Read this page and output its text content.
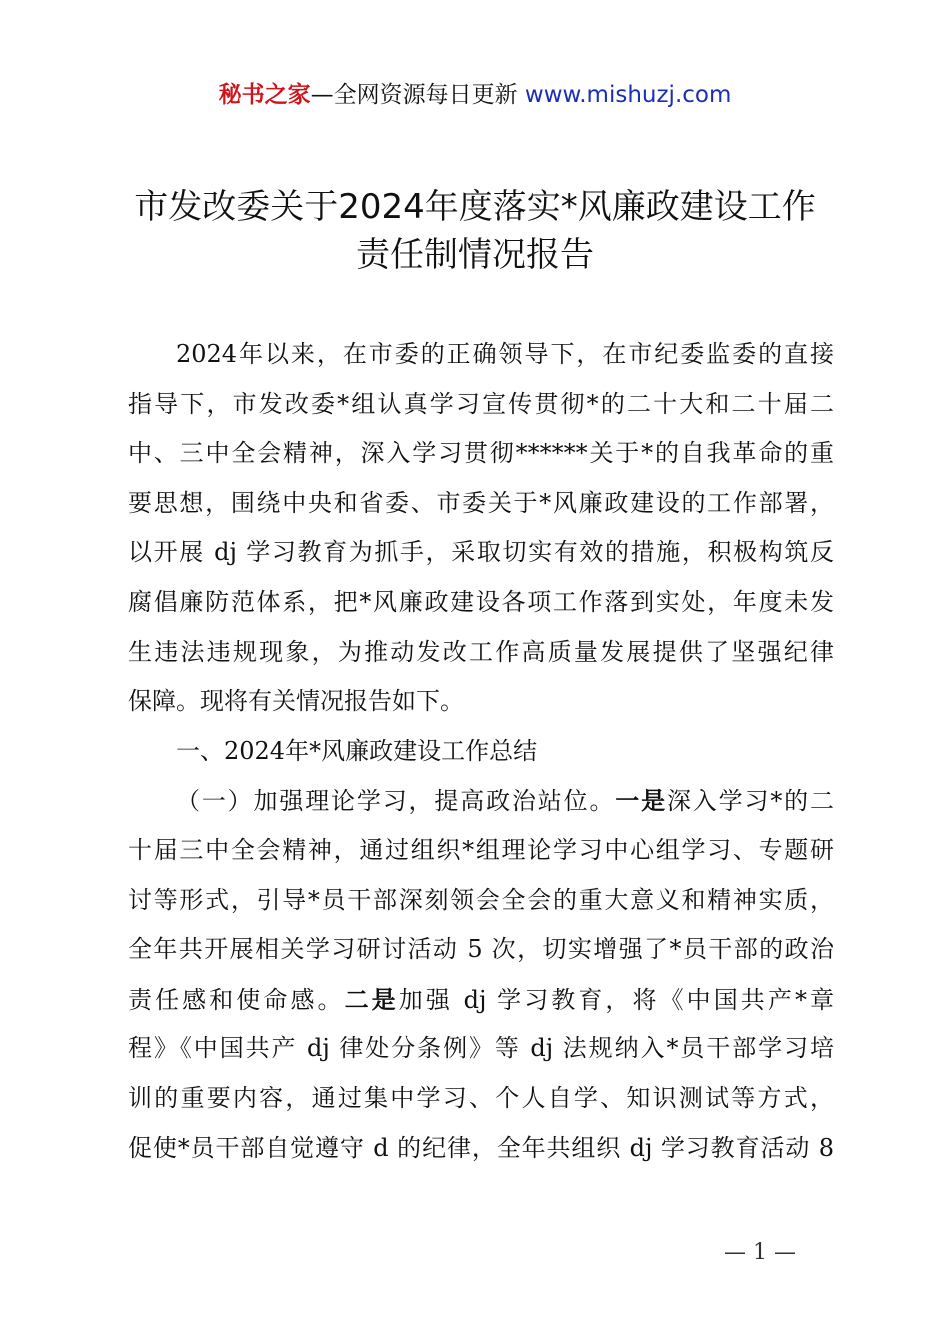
秘书之家—全网资源每日更新 www.mishuzj.com
市发改委关于2024年度落实*风廉政建设工作
责任制情况报告
2024年以来，在市委的正确领导下，在市纪委监委的直接
指导下，市发改委*组认真学习宣传贯彻*的二十大和二十届二
中、三中全会精神，深入学习贯彻******关于*的自我革命的重
要思想，围绕中央和省委、市委关于*风廉政建设的工作部署，
以开展 dj 学习教育为抓手，采取切实有效的措施，积极构筑反
腐倡廉防范体系，把*风廉政建设各项工作落到实处，年度未发
生违法违规现象，为推动发改工作高质量发展提供了坚强纪律
保障。现将有关情况报告如下。
一、2024年*风廉政建设工作总结
（一）加强理论学习，提高政治站位。一是深入学习*的二
十届三中全会精神，通过组织*组理论学习中心组学习、专题研
讨等形式，引导*员干部深刻领会全会的重大意义和精神实质，
全年共开展相关学习研讨活动 5 次，切实增强了*员干部的政治
责任感和使命感。二是加强 dj 学习教育，将《中国共产*章
程》《中国共产 dj 律处分条例》等 dj 法规纳入*员干部学习培
训的重要内容，通过集中学习、个人自学、知识测试等方式，
促使*员干部自觉遵守 d 的纪律，全年共组织 dj 学习教育活动 8
— 1 —
